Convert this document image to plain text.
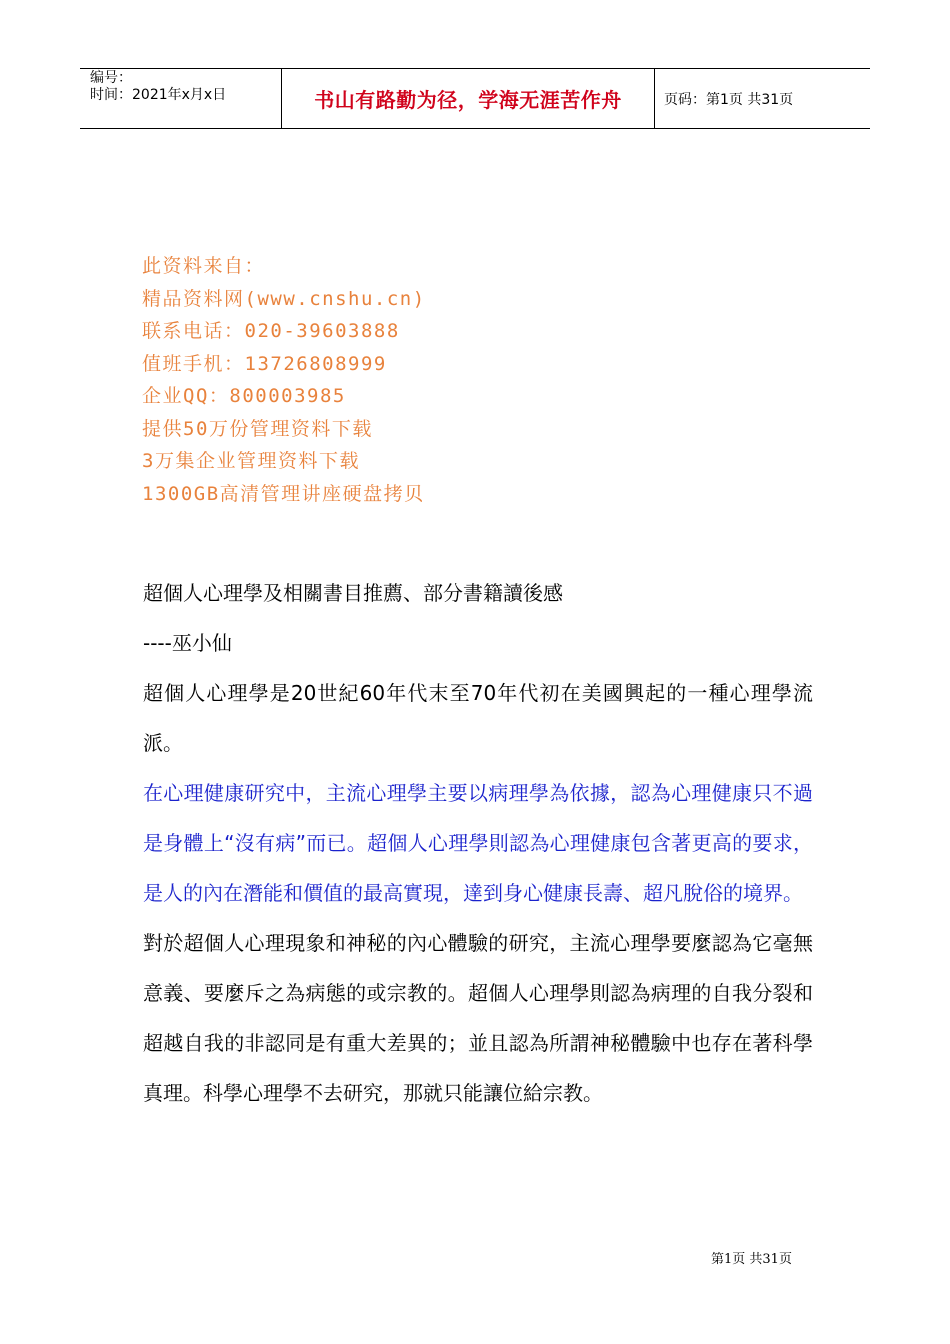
编号：
时间：2021年x月x日	书山有路勤为径，学海无涯苦作舟	页码：第1页 共31页
此资料来自：
精品资料网(www.cnshu.cn)
联系电话：020-39603888
值班手机：13726808999
企业QQ：800003985
提供50万份管理资料下载
3万集企业管理资料下载
1300GB高清管理讲座硬盘拷贝

超個人心理學及相關書目推薦、部分書籍讀後感

----巫小仙

超個人心理學是20世紀60年代末至70年代初在美國興起的一種心理學流派。

在心理健康研究中，主流心理學主要以病理學為依據，認為心理健康只不過是身體上“沒有病”而已。超個人心理學則認為心理健康包含著更高的要求，是人的內在潛能和價值的最高實現，達到身心健康長壽、超凡脫俗的境界。

對於超個人心理現象和神秘的內心體驗的研究，主流心理學要麼認為它毫無意義、要麼斥之為病態的或宗教的。超個人心理學則認為病理的自我分裂和超越自我的非認同是有重大差異的；並且認為所謂神秘體驗中也存在著科學真理。科學心理學不去研究，那就只能讓位給宗教。

第1页 共31页
